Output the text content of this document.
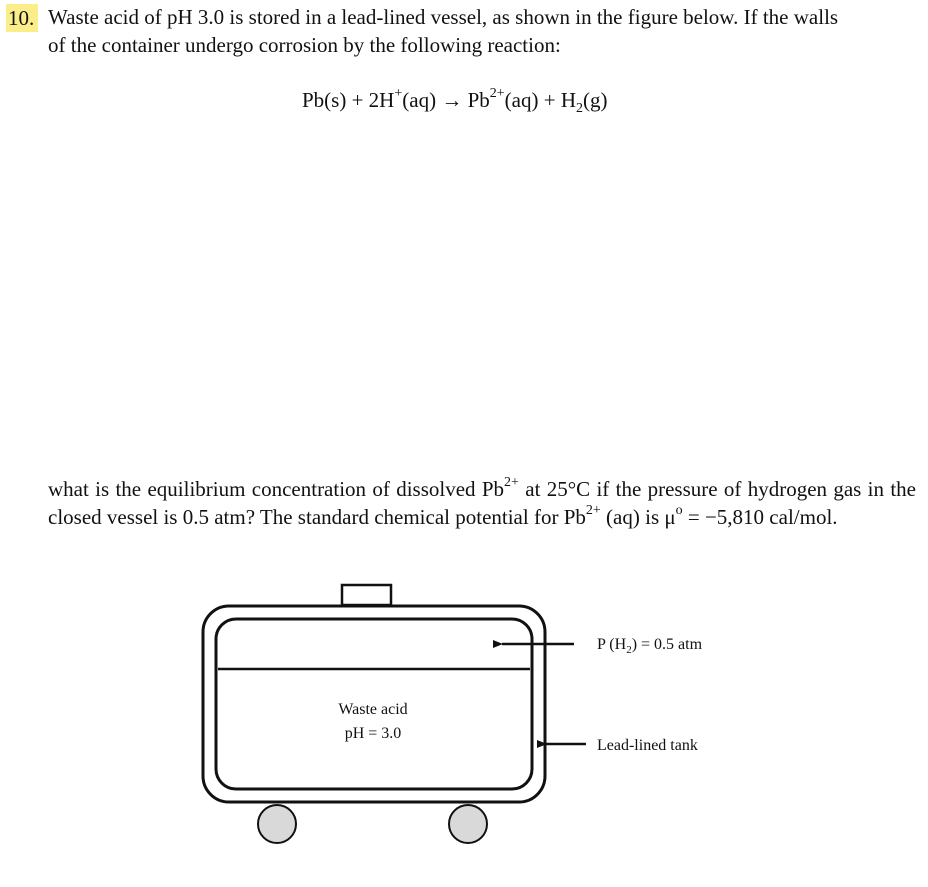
10. Waste acid of pH 3.0 is stored in a lead-lined vessel, as shown in the figure below. If the walls
of the container undergo corrosion by the following reaction:
$Pb(s) + 2H^+(aq) \to Pb^{2+}(aq) + H_2(g)$
what is the equilibrium concentration of dissolved $Pb^{2+}$ at 25°C if the pressure of hydrogen gas in the closed vessel is 0.5 atm? The standard chemical potential for $Pb^{2+}$ (aq) is $\mu^o = -5,810$ cal/mol.
Waste acid
pH = 3.0
P $(H_2) = 0.5$ atm
Lead-lined tank
